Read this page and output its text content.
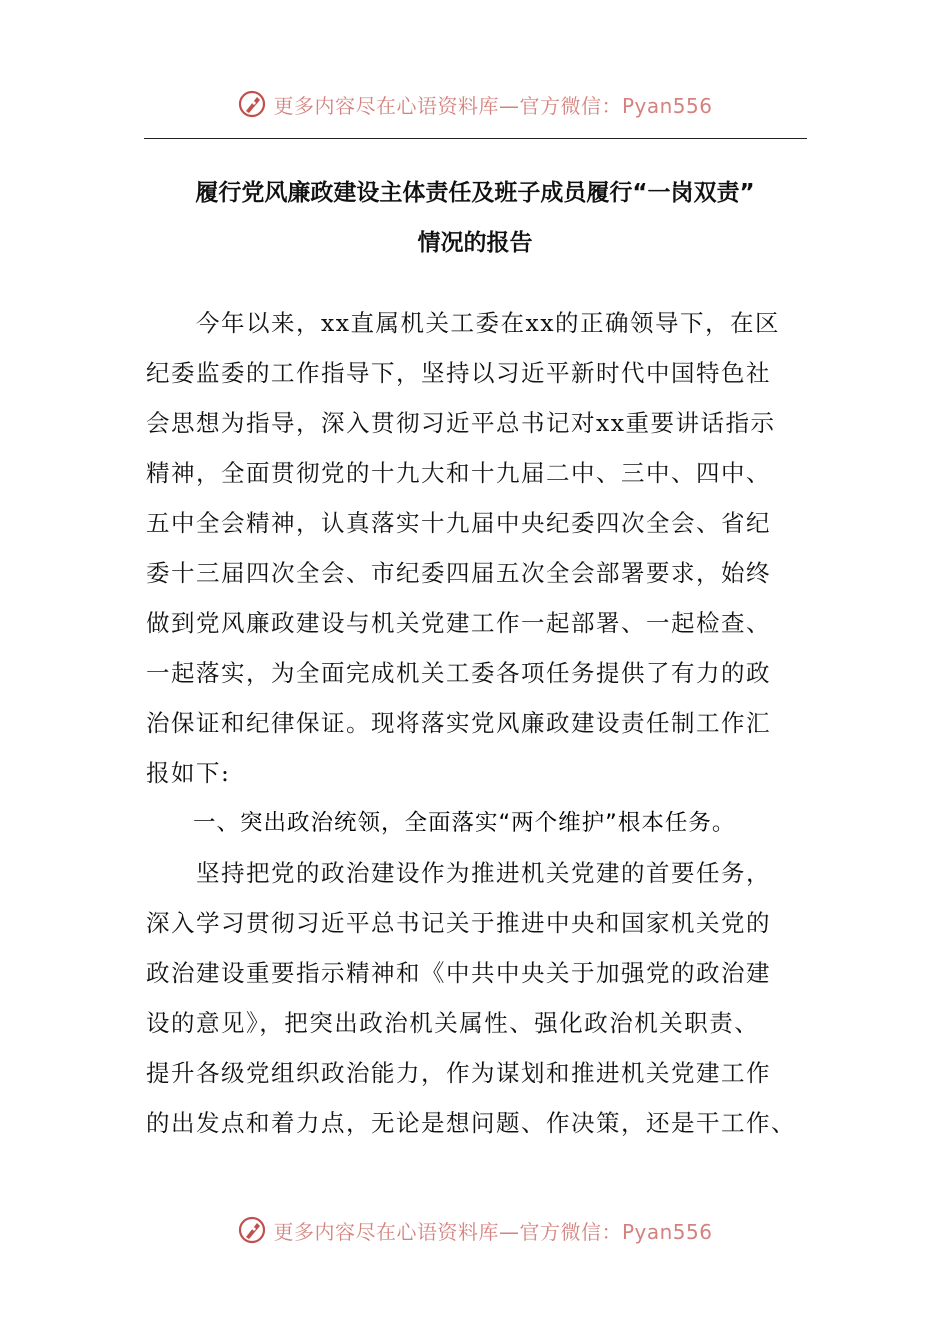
更多内容尽在心语资料库—官方微信：Pyan556
履行党风廉政建设主体责任及班子成员履行“一岗双责”
情况的报告
　　今年以来，xx直属机关工委在xx的正确领导下，在区
纪委监委的工作指导下，坚持以习近平新时代中国特色社
会思想为指导，深入贯彻习近平总书记对xx重要讲话指示
精神，全面贯彻党的十九大和十九届二中、三中、四中、
五中全会精神，认真落实十九届中央纪委四次全会、省纪
委十三届四次全会、市纪委四届五次全会部署要求，始终
做到党风廉政建设与机关党建工作一起部署、一起检查、
一起落实，为全面完成机关工委各项任务提供了有力的政
治保证和纪律保证。现将落实党风廉政建设责任制工作汇
报如下:
　　一、突出政治统领，全面落实“两个维护”根本任务。
　　坚持把党的政治建设作为推进机关党建的首要任务，
深入学习贯彻习近平总书记关于推进中央和国家机关党的
政治建设重要指示精神和《中共中央关于加强党的政治建
设的意见》，把突出政治机关属性、强化政治机关职责、
提升各级党组织政治能力，作为谋划和推进机关党建工作
的出发点和着力点，无论是想问题、作决策，还是干工作、
更多内容尽在心语资料库—官方微信：Pyan556
